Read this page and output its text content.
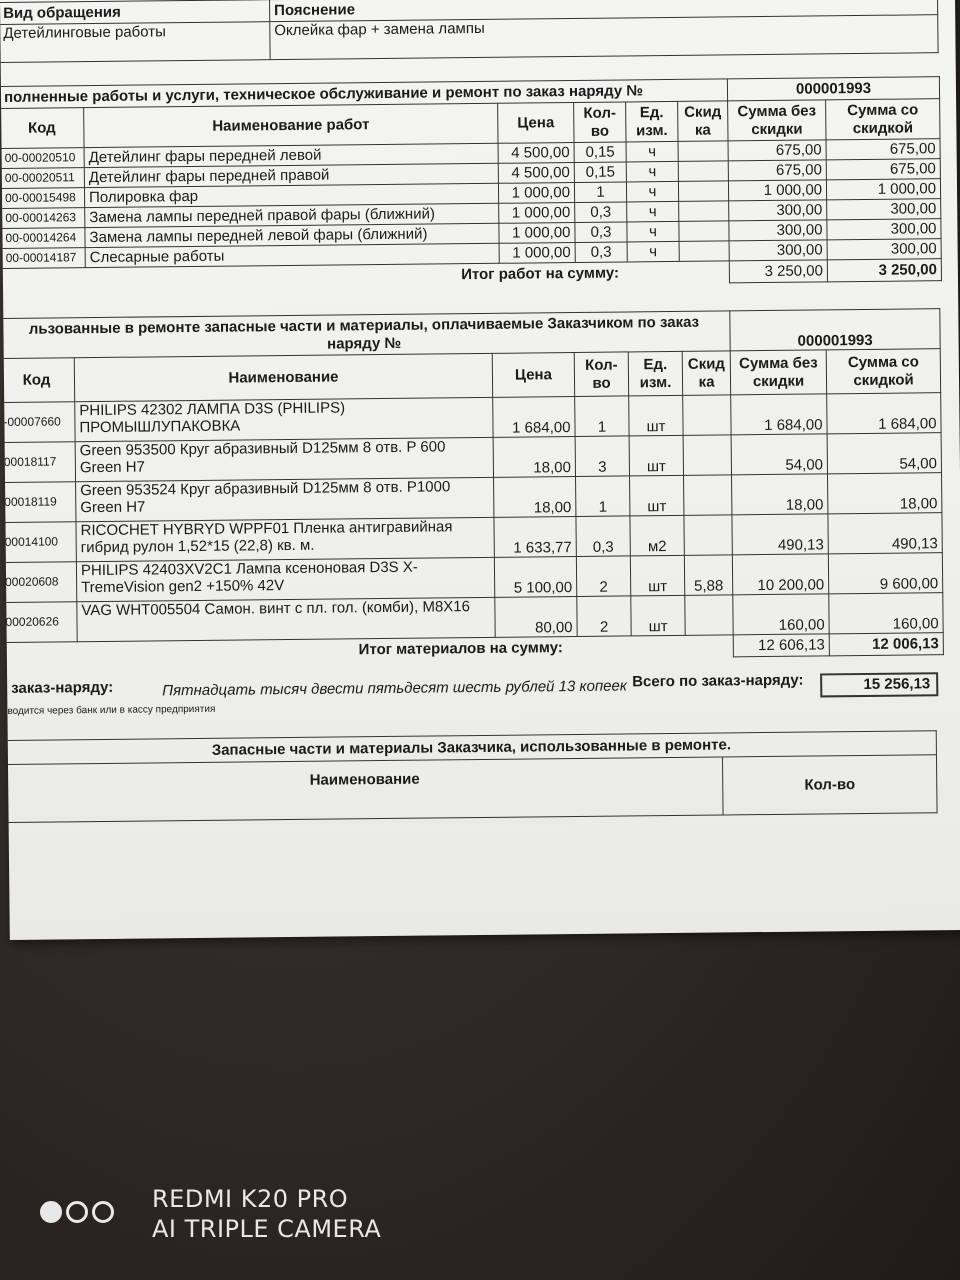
Вид обращения	Пояснение
Детейлинговые работы	Оклейка фар + замена лампы
полненные работы и услуги, техническое обслуживание и ремонт по заказ наряду №						000001993	
Код	Наименование работ	Цена	Кол-во	Ед. изм.	Скид ка	Сумма без скидки	Сумма со скидкой
00-00020510	Детейлинг фары передней левой	4 500,00	0,15	ч		675,00	675,00
00-00020511	Детейлинг фары передней правой	4 500,00	0,15	ч		675,00	675,00
00-00015498	Полировка фар	1 000,00	1	ч		1 000,00	1 000,00
00-00014263	Замена лампы передней правой фары (ближний)	1 000,00	0,3	ч		300,00	300,00
00-00014264	Замена лампы передней левой фары (ближний)	1 000,00	0,3	ч		300,00	300,00
00-00014187	Слесарные работы	1 000,00	0,3	ч		300,00	300,00
Итог работ на сумму:						3 250,00	3 250,00
льзованные в ремонте запасные части и материалы, оплачиваемые Заказчиком по заказ наряду №						000001993	
Код	Наименование	Цена	Кол-во	Ед. изм.	Скид ка	Сумма без скидки	Сумма со скидкой
-00007660	PHILIPS 42302 ЛАМПА D3S (PHILIPS) ПРОМЫШЛУПАКОВКА	1 684,00	1	шт		1 684,00	1 684,00
00018117	Green 953500 Круг абразивный D125мм 8 отв. P 600 Green H7	18,00	3	шт		54,00	54,00
00018119	Green 953524 Круг абразивный D125мм 8 отв. P1000 Green H7	18,00	1	шт		18,00	18,00
00014100	RICOCHET HYBRYD WPPF01 Пленка антигравийная гибрид рулон 1,52*15 (22,8) кв. м.	1 633,77	0,3	м2		490,13	490,13
00020608	PHILIPS 42403XV2C1 Лампа ксеноновая D3S X-TremeVision gen2 +150% 42V	5 100,00	2	шт	5,88	10 200,00	9 600,00
00020626	VAG WHT005504 Самон. винт с пл. гол. (комби), M8X16	80,00	2	шт		160,00	160,00
Итог материалов на сумму:						12 606,13	12 006,13
заказ-наряду:	Пятнадцать тысяч двести пятьдесят шесть рублей 13 копеек
водится через банк или в кассу предприятия
Всего по заказ-наряду:	15 256,13
Запасные части и материалы Заказчика, использованные в ремонте.
Наименование	Кол-во
REDMI K20 PRO
AI TRIPLE CAMERA
